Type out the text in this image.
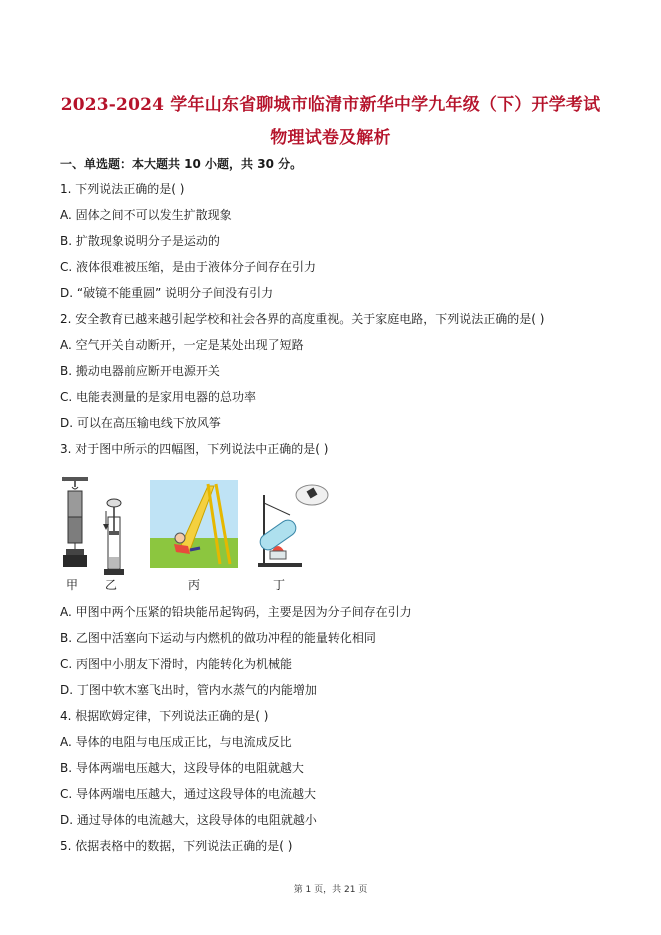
2023-2024 学年山东省聊城市临清市新华中学九年级（下）开学考试
物理试卷及解析
一、单选题：本大题共 10 小题，共 30 分。
1. 下列说法正确的是( )
A. 固体之间不可以发生扩散现象
B. 扩散现象说明分子是运动的
C. 液体很难被压缩，是由于液体分子间存在引力
D. “破镜不能重圆” 说明分子间没有引力
2. 安全教育已越来越引起学校和社会各界的高度重视。关于家庭电路，下列说法正确的是( )
A. 空气开关自动断开，一定是某处出现了短路
B. 搬动电器前应断开电源开关
C. 电能表测量的是家用电器的总功率
D. 可以在高压输电线下放风筝
3. 对于图中所示的四幅图，下列说法中正确的是( )
甲 乙	丙	丁
A. 甲图中两个压紧的铅块能吊起钩码，主要是因为分子间存在引力
B. 乙图中活塞向下运动与内燃机的做功冲程的能量转化相同
C. 丙图中小朋友下滑时，内能转化为机械能
D. 丁图中软木塞飞出时，管内水蒸气的内能增加
4. 根据欧姆定律，下列说法正确的是( )
A. 导体的电阻与电压成正比，与电流成反比
B. 导体两端电压越大，这段导体的电阻就越大
C. 导体两端电压越大，通过这段导体的电流越大
D. 通过导体的电流越大，这段导体的电阻就越小
5. 依据表格中的数据，下列说法正确的是( )
第 1 页，共 21 页
